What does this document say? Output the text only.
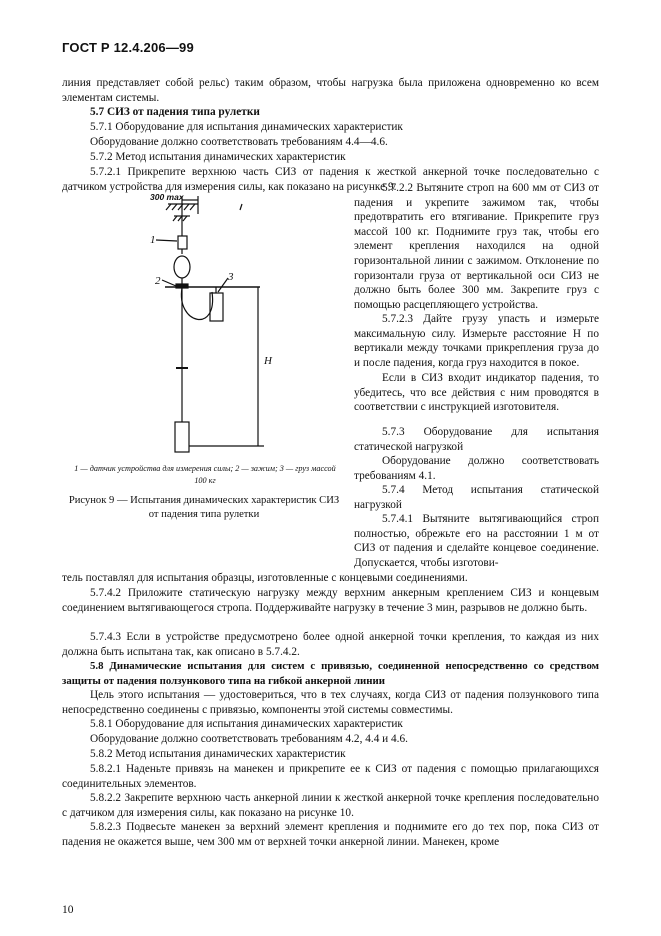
ГОСТ Р 12.4.206—99
линия представляет собой рельс) таким образом, чтобы нагрузка была приложена одновременно ко всем элементам системы.
5.7 СИЗ от падения типа рулетки
5.7.1 Оборудование для испытания динамических характеристик
Оборудование должно соответствовать требованиям 4.4—4.6.
5.7.2 Метод испытания динамических характеристик
5.7.2.1 Прикрепите верхнюю часть СИЗ от падения к жесткой анкерной точке последовательно с датчиком устройства для измерения силы, как показано на рисунке 9.
300 max
1
2	3
H
1 — датчик устройства для измерения силы; 2 — зажим; 3 — груз массой 100 кг
Рисунок 9 — Испытания динамических характеристик СИЗ от падения типа рулетки
5.7.2.2 Вытяните строп на 600 мм от СИЗ от падения и укрепите зажимом так, чтобы предотвратить его втягивание. Прикрепите груз массой 100 кг. Поднимите груз так, чтобы его элемент крепления находился на одной горизонтальной линии с зажимом. Отклонение по горизонтали груза от вертикальной оси СИЗ не должно быть более 300 мм. Закрепите груз с помощью расцепляющего устройства.
5.7.2.3 Дайте грузу упасть и измерьте максимальную силу. Измерьте расстояние H по вертикали между точками прикрепления груза до и после падения, когда груз находится в покое.
Если в СИЗ входит индикатор падения, то убедитесь, что все действия с ним проводятся в соответствии с инструкцией изготовителя.
5.7.3 Оборудование для испытания статической нагрузкой
Оборудование должно соответствовать требованиям 4.1.
5.7.4 Метод испытания статической нагрузкой
5.7.4.1 Вытяните вытягивающийся строп полностью, обрежьте его на расстоянии 1 м от СИЗ от падения и сделайте концевое соединение. Допускается, чтобы изготови-
тель поставлял для испытания образцы, изготовленные с концевыми соединениями.
5.7.4.2 Приложите статическую нагрузку между верхним анкерным креплением СИЗ и концевым соединением вытягивающегося стропа. Поддерживайте нагрузку в течение 3 мин, разрывов не должно быть.
5.7.4.3 Если в устройстве предусмотрено более одной анкерной точки крепления, то каждая из них должна быть испытана так, как описано в 5.7.4.2.
5.8 Динамические испытания для систем с привязью, соединенной непосредственно со средством защиты от падения ползункового типа на гибкой анкерной линии
Цель этого испытания — удостовериться, что в тех случаях, когда СИЗ от падения ползункового типа непосредственно соединены с привязью, компоненты этой системы совместимы.
5.8.1 Оборудование для испытания динамических характеристик
Оборудование должно соответствовать требованиям 4.2, 4.4 и 4.6.
5.8.2 Метод испытания динамических характеристик
5.8.2.1 Наденьте привязь на манекен и прикрепите ее к СИЗ от падения с помощью прилагающихся соединительных элементов.
5.8.2.2 Закрепите верхнюю часть анкерной линии к жесткой анкерной точке крепления последовательно с датчиком для измерения силы, как показано на рисунке 10.
5.8.2.3 Подвесьте манекен за верхний элемент крепления и поднимите его до тех пор, пока СИЗ от падения не окажется выше, чем 300 мм от верхней точки анкерной линии. Манекен, кроме
10
